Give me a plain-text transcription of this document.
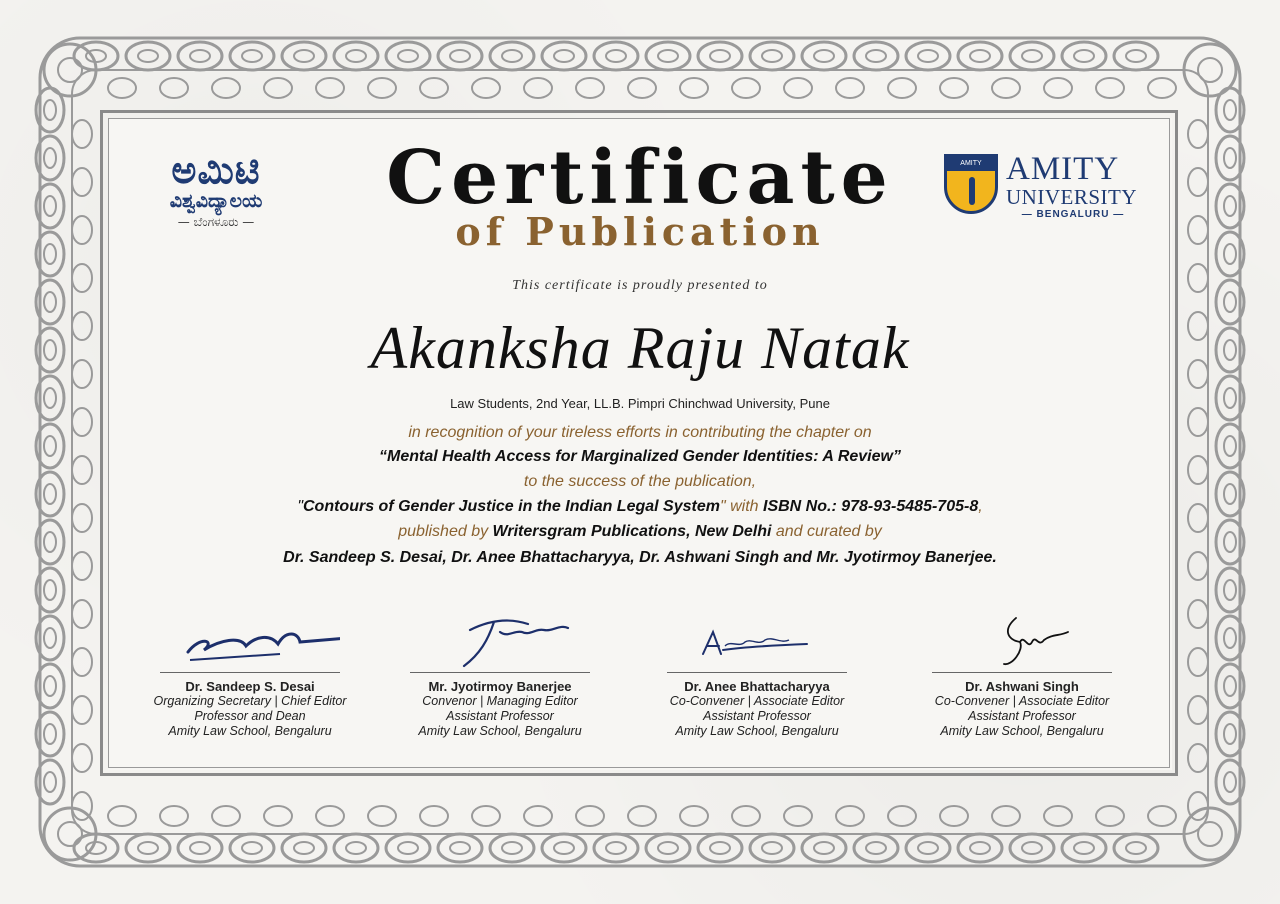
ಅಮಿಟಿ
ವಿಶ್ವವಿದ್ಯಾಲಯ
— ಬೆಂಗಳೂರು —
AMITY AMITY
UNIVERSITY
— BENGALURU —
Certificate
of Publication
This certificate is proudly presented to
Akanksha Raju Natak
Law Students, 2nd Year, LL.B. Pimpri Chinchwad University, Pune
in recognition of your tireless efforts in contributing the chapter on
“Mental Health Access for Marginalized Gender Identities: A Review”
to the success of the publication,
"Contours of Gender Justice in the Indian Legal System" with ISBN No.: 978-93-5485-705-8,
published by Writersgram Publications, New Delhi and curated by
Dr. Sandeep S. Desai, Dr. Anee Bhattacharyya, Dr. Ashwani Singh and Mr. Jyotirmoy Banerjee.
Dr. Sandeep S. Desai
Organizing Secretary | Chief Editor
Professor and Dean
Amity Law School, Bengaluru
Mr. Jyotirmoy Banerjee
Convenor | Managing Editor
Assistant Professor
Amity Law School, Bengaluru
Dr. Anee Bhattacharyya
Co-Convener | Associate Editor
Assistant Professor
Amity Law School, Bengaluru
Dr. Ashwani Singh
Co-Convener | Associate Editor
Assistant Professor
Amity Law School, Bengaluru
